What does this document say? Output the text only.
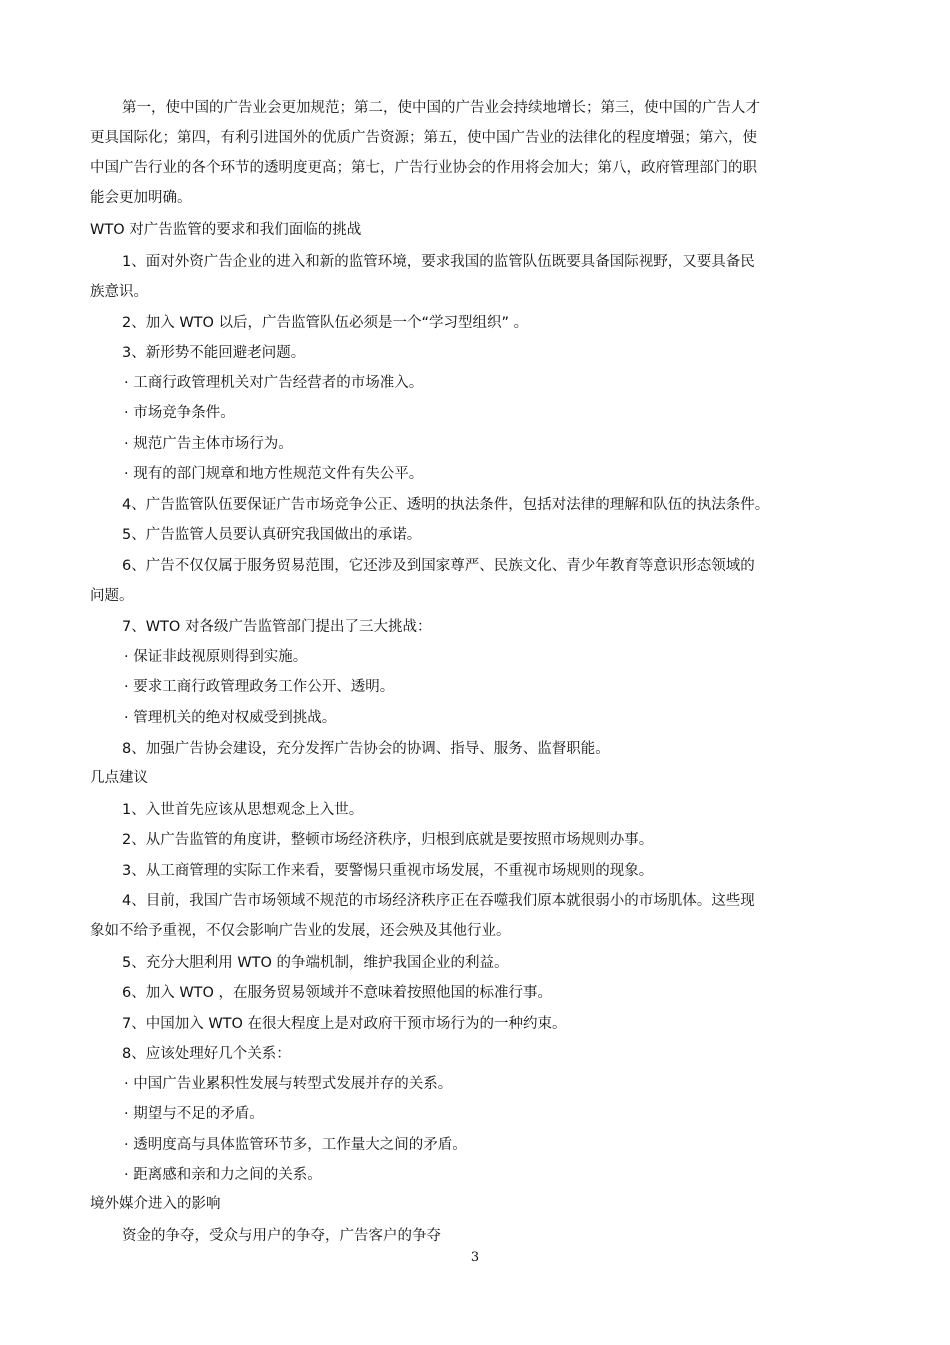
第一，使中国的广告业会更加规范；第二，使中国的广告业会持续地增长；第三，使中国的广告人才
更具国际化；第四，有利引进国外的优质广告资源；第五，使中国广告业的法律化的程度增强；第六，使
中国广告行业的各个环节的透明度更高；第七，广告行业协会的作用将会加大；第八，政府管理部门的职
能会更加明确。
WTO 对广告监管的要求和我们面临的挑战
1、面对外资广告企业的进入和新的监管环境，要求我国的监管队伍既要具备国际视野，又要具备民
族意识。
2、加入 WTO 以后，广告监管队伍必须是一个“学习型组织” 。
3、新形势不能回避老问题。
· 工商行政管理机关对广告经营者的市场准入。
· 市场竞争条件。
· 规范广告主体市场行为。
· 现有的部门规章和地方性规范文件有失公平。
4、广告监管队伍要保证广告市场竞争公正、透明的执法条件，包括对法律的理解和队伍的执法条件。
5、广告监管人员要认真研究我国做出的承诺。
6、广告不仅仅属于服务贸易范围，它还涉及到国家尊严、民族文化、青少年教育等意识形态领域的
问题。
7、WTO 对各级广告监管部门提出了三大挑战：
· 保证非歧视原则得到实施。
· 要求工商行政管理政务工作公开、透明。
· 管理机关的绝对权威受到挑战。
8、加强广告协会建设，充分发挥广告协会的协调、指导、服务、监督职能。
几点建议
1、入世首先应该从思想观念上入世。
2、从广告监管的角度讲，整顿市场经济秩序，归根到底就是要按照市场规则办事。
3、从工商管理的实际工作来看，要警惕只重视市场发展，不重视市场规则的现象。
4、目前，我国广告市场领域不规范的市场经济秩序正在吞噬我们原本就很弱小的市场肌体。这些现
象如不给予重视，不仅会影响广告业的发展，还会殃及其他行业。
5、充分大胆利用 WTO 的争端机制，维护我国企业的利益。
6、加入 WTO ，在服务贸易领域并不意味着按照他国的标准行事。
7、中国加入 WTO 在很大程度上是对政府干预市场行为的一种约束。
8、应该处理好几个关系：
· 中国广告业累积性发展与转型式发展并存的关系。
· 期望与不足的矛盾。
· 透明度高与具体监管环节多，工作量大之间的矛盾。
· 距离感和亲和力之间的关系。
境外媒介进入的影响
资金的争夺，受众与用户的争夺，广告客户的争夺
3
